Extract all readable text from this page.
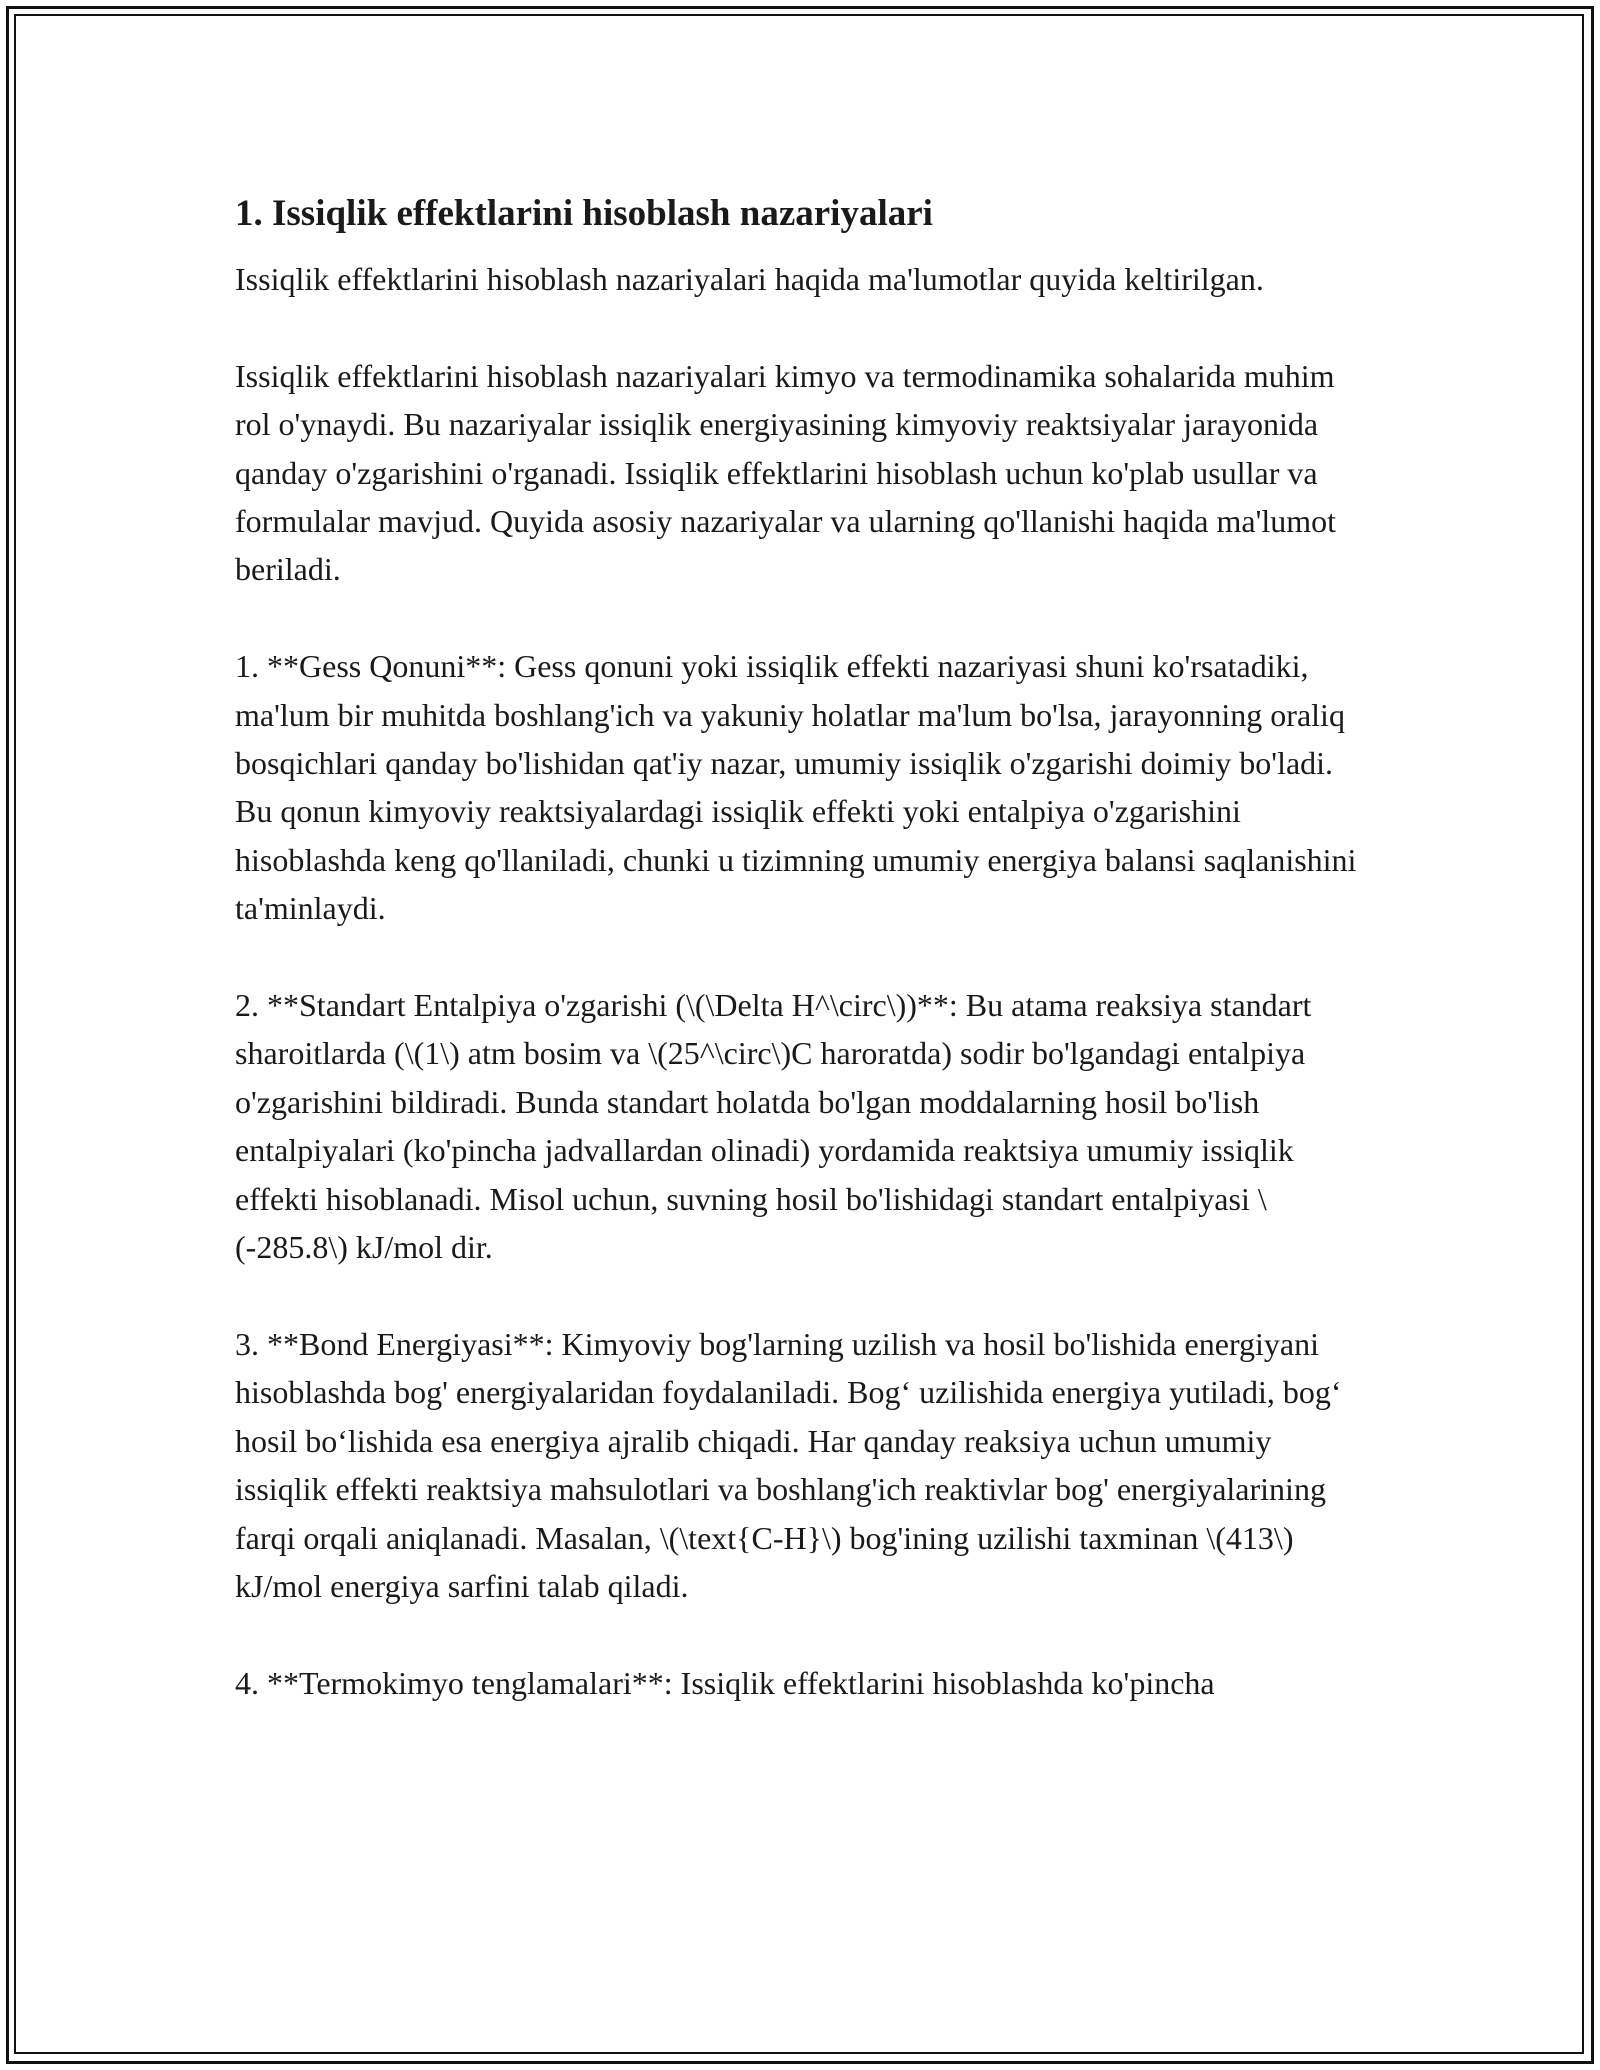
1. Issiqlik effektlarini hisoblash nazariyalari

Issiqlik effektlarini hisoblash nazariyalari haqida ma'lumotlar quyida keltirilgan.

Issiqlik effektlarini hisoblash nazariyalari kimyo va termodinamika sohalarida muhim rol o'ynaydi. Bu nazariyalar issiqlik energiyasining kimyoviy reaktsiyalar jarayonida qanday o'zgarishini o'rganadi. Issiqlik effektlarini hisoblash uchun ko'plab usullar va formulalar mavjud. Quyida asosiy nazariyalar va ularning qo'llanishi haqida ma'lumot beriladi.

1. **Gess Qonuni**: Gess qonuni yoki issiqlik effekti nazariyasi shuni ko'rsatadiki, ma'lum bir muhitda boshlang'ich va yakuniy holatlar ma'lum bo'lsa, jarayonning oraliq bosqichlari qanday bo'lishidan qat'iy nazar, umumiy issiqlik o'zgarishi doimiy bo'ladi. Bu qonun kimyoviy reaktsiyalardagi issiqlik effekti yoki entalpiya o'zgarishini hisoblashda keng qo'llaniladi, chunki u tizimning umumiy energiya balansi saqlanishini ta'minlaydi.

2. **Standart Entalpiya o'zgarishi (\(\Delta H^\circ\))**: Bu atama reaksiya standart sharoitlarda (\(1\) atm bosim va \(25^\circ\)C haroratda) sodir bo'lgandagi entalpiya o'zgarishini bildiradi. Bunda standart holatda bo'lgan moddalarning hosil bo'lish entalpiyalari (ko'pincha jadvallardan olinadi) yordamida reaktsiya umumiy issiqlik effekti hisoblanadi. Misol uchun, suvning hosil bo'lishidagi standart entalpiyasi \(-285.8\) kJ/mol dir.

3. **Bond Energiyasi**: Kimyoviy bog'larning uzilish va hosil bo'lishida energiyani hisoblashda bog' energiyalaridan foydalaniladi. Bog‘ uzilishida energiya yutiladi, bog‘ hosil bo‘lishida esa energiya ajralib chiqadi. Har qanday reaksiya uchun umumiy issiqlik effekti reaktsiya mahsulotlari va boshlang'ich reaktivlar bog' energiyalarining farqi orqali aniqlanadi. Masalan, \(\text{C-H}\) bog'ining uzilishi taxminan \(413\) kJ/mol energiya sarfini talab qiladi.

4. **Termokimyo tenglamalari**: Issiqlik effektlarini hisoblashda ko'pincha
